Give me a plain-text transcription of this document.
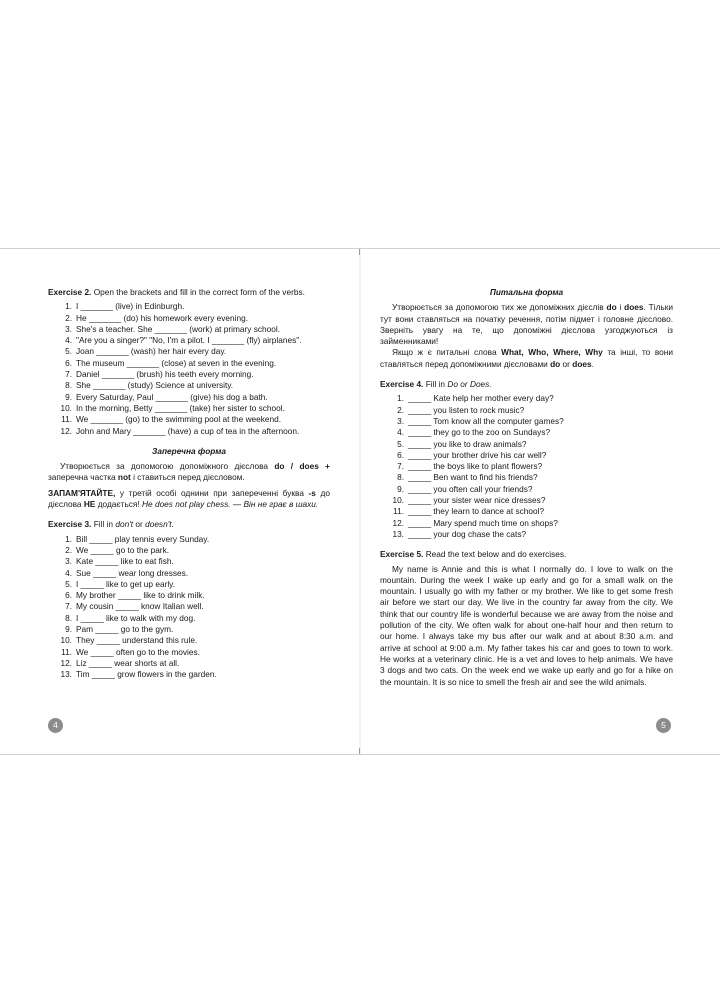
Exercise 2. Open the brackets and fill in the correct form of the verbs.

1. I _______ (live) in Edinburgh.
2. He _______ (do) his homework every evening.
3. She's a teacher. She _______ (work) at primary school.
4. "Are you a singer?" "No, I'm a pilot. I _______ (fly) airplanes".
5. Joan _______ (wash) her hair every day.
6. The museum _______ (close) at seven in the evening.
7. Daniel _______ (brush) his teeth every morning.
8. She _______ (study) Science at university.
9. Every Saturday, Paul _______ (give) his dog a bath.
10. In the morning, Betty _______ (take) her sister to school.
11. We _______ (go) to the swimming pool at the weekend.
12. John and Mary _______ (have) a cup of tea in the afternoon.
Заперечна форма

Утворюється за допомогою допоміжного дієслова do / does + заперечна частка not і ставиться перед дієсловом.

ЗАПАМ'ЯТАЙТЕ, у третій особі однини при запереченні буква -s до дієслова НЕ додається! He does not play chess. — Він не грає в шахи.

Exercise 3. Fill in don't or doesn't.

1. Bill _____ play tennis every Sunday.
2. We _____ go to the park.
3. Kate _____ like to eat fish.
4. Sue _____ wear long dresses.
5. I _____ like to get up early.
6. My brother _____ like to drink milk.
7. My cousin _____ know Italian well.
8. I _____ like to walk with my dog.
9. Pam _____ go to the gym.
10. They _____ understand this rule.
11. We _____ often go to the movies.
12. Liz _____ wear shorts at all.
13. Tim _____ grow flowers in the garden.
Питальна форма

Утворюється за допомогою тих же допоміжних дієслів do і does. Тільки тут вони ставляться на початку речення, потім підмет і головне дієслово. Зверніть увагу на те, що допоміжні дієслова узгоджуються із займенниками!

Якщо ж є питальні слова What, Who, Where, Why та інші, то вони ставляться перед допоміжними дієсловами do or does.

Exercise 4. Fill in Do or Does.

1. _____ Kate help her mother every day?
2. _____ you listen to rock music?
3. _____ Tom know all the computer games?
4. _____ they go to the zoo on Sundays?
5. _____ you like to draw animals?
6. _____ your brother drive his car well?
7. _____ the boys like to plant flowers?
8. _____ Ben want to find his friends?
9. _____ you often call your friends?
10. _____ your sister wear nice dresses?
11. _____ they learn to dance at school?
12. _____ Mary spend much time on shops?
13. _____ your dog chase the cats?

Exercise 5. Read the text below and do exercises.

My name is Annie and this is what I normally do. I love to walk on the mountain. During the week I wake up early and go for a small walk on the mountain. I usually go with my father or my brother. We like to get some fresh air before we start our day. We live in the country far away from the city. We think that our country life is wonderful because we are away from the noise and pollution of the city. We often walk for about one-half hour and then return to our home. I always take my bus after our walk and at about 8:30 a.m. and arrive at school at 9:00 a.m. My father takes his car and goes to town to work. He works at a veterinary clinic. He is a vet and loves to help animals. We have 3 dogs and two cats. On the week end we wake up early and go for a hike on the mountain. It is so nice to smell the fresh air and see the wild animals.

4	5
